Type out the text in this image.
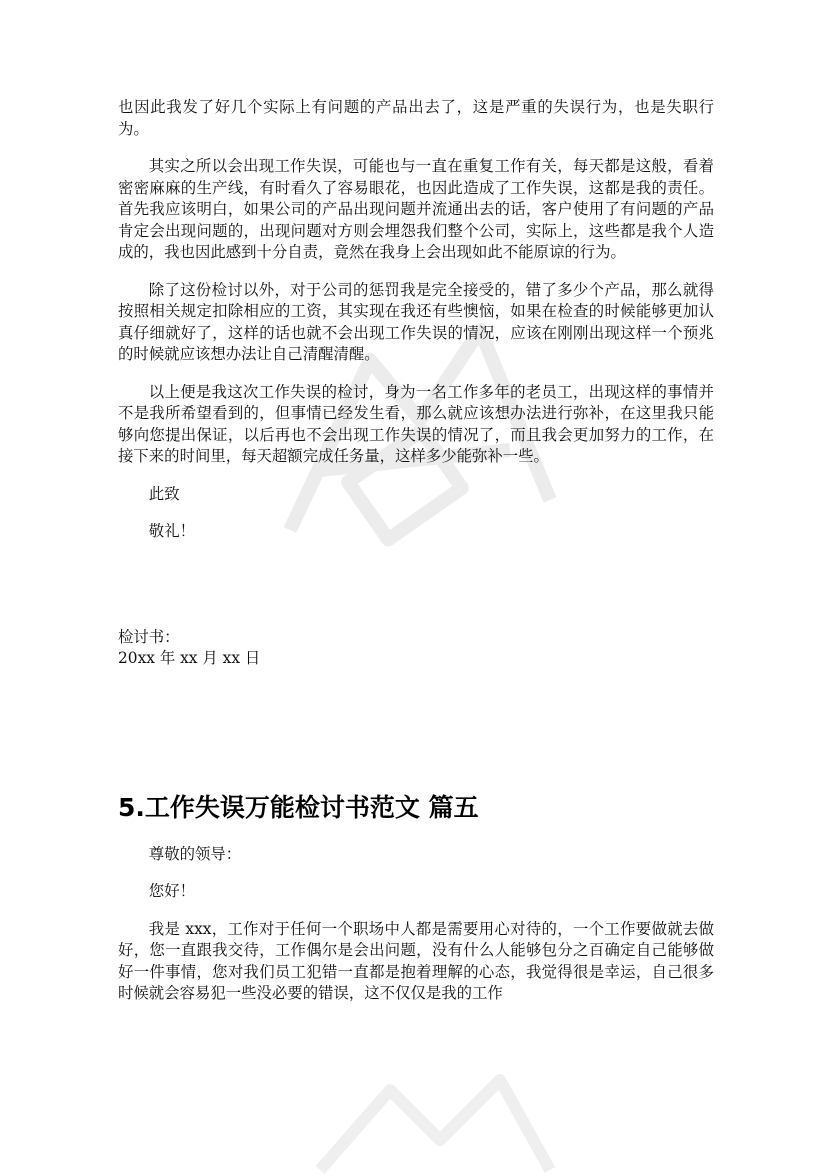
也因此我发了好几个实际上有问题的产品出去了，这是严重的失误行为，也是失职行为。

其实之所以会出现工作失误，可能也与一直在重复工作有关，每天都是这般，看着密密麻麻的生产线，有时看久了容易眼花，也因此造成了工作失误，这都是我的责任。首先我应该明白，如果公司的产品出现问题并流通出去的话，客户使用了有问题的产品肯定会出现问题的，出现问题对方则会埋怨我们整个公司，实际上，这些都是我个人造成的，我也因此感到十分自责，竟然在我身上会出现如此不能原谅的行为。

除了这份检讨以外，对于公司的惩罚我是完全接受的，错了多少个产品，那么就得按照相关规定扣除相应的工资，其实现在我还有些懊恼，如果在检查的时候能够更加认真仔细就好了，这样的话也就不会出现工作失误的情况，应该在刚刚出现这样一个预兆的时候就应该想办法让自己清醒清醒。

以上便是我这次工作失误的检讨，身为一名工作多年的老员工，出现这样的事情并不是我所希望看到的，但事情已经发生看，那么就应该想办法进行弥补，在这里我只能够向您提出保证，以后再也不会出现工作失误的情况了，而且我会更加努力的工作，在接下来的时间里，每天超额完成任务量，这样多少能弥补一些。

此致
敬礼！
检讨书：
20xx 年 xx 月 xx 日
5.工作失误万能检讨书范文 篇五
尊敬的领导：
您好！

我是 xxx，工作对于任何一个职场中人都是需要用心对待的，一个工作要做就去做好，您一直跟我交待，工作偶尔是会出问题，没有什么人能够包分之百确定自己能够做好一件事情，您对我们员工犯错一直都是抱着理解的心态，我觉得很是幸运，自己很多时候就会容易犯一些没必要的错误，这不仅仅是我的工作
